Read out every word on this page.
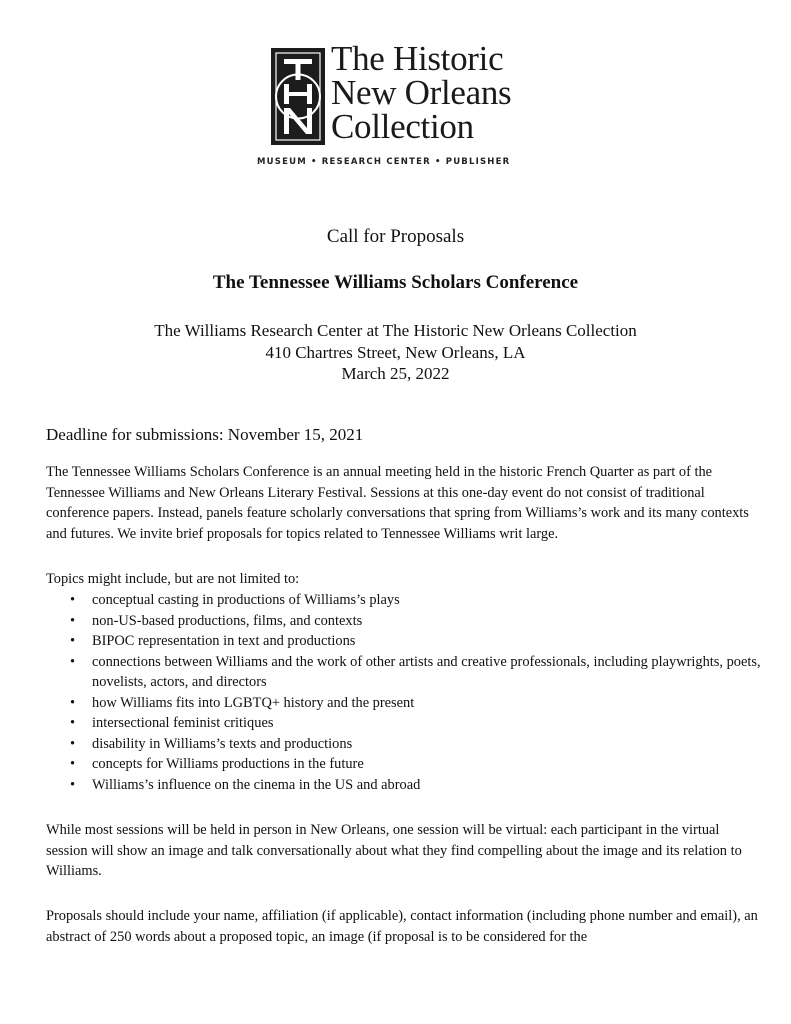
The Historic
New Orleans
Collection
MUSEUM • RESEARCH CENTER • PUBLISHER
Call for Proposals
The Tennessee Williams Scholars Conference
The Williams Research Center at The Historic New Orleans Collection
410 Chartres Street, New Orleans, LA
March 25, 2022
Deadline for submissions: November 15, 2021
The Tennessee Williams Scholars Conference is an annual meeting held in the historic French Quarter as part of the Tennessee Williams and New Orleans Literary Festival. Sessions at this one-day event do not consist of traditional conference papers. Instead, panels feature scholarly conversations that spring from Williams’s work and its many contexts and futures. We invite brief proposals for topics related to Tennessee Williams writ large.
Topics might include, but are not limited to:
• conceptual casting in productions of Williams’s plays
• non-US-based productions, films, and contexts
• BIPOC representation in text and productions
• connections between Williams and the work of other artists and creative professionals, including playwrights, poets, novelists, actors, and directors
• how Williams fits into LGBTQ+ history and the present
• intersectional feminist critiques
• disability in Williams’s texts and productions
• concepts for Williams productions in the future
• Williams’s influence on the cinema in the US and abroad
While most sessions will be held in person in New Orleans, one session will be virtual: each participant in the virtual session will show an image and talk conversationally about what they find compelling about the image and its relation to Williams.
Proposals should include your name, affiliation (if applicable), contact information (including phone number and email), an abstract of 250 words about a proposed topic, an image (if proposal is to be considered for the
